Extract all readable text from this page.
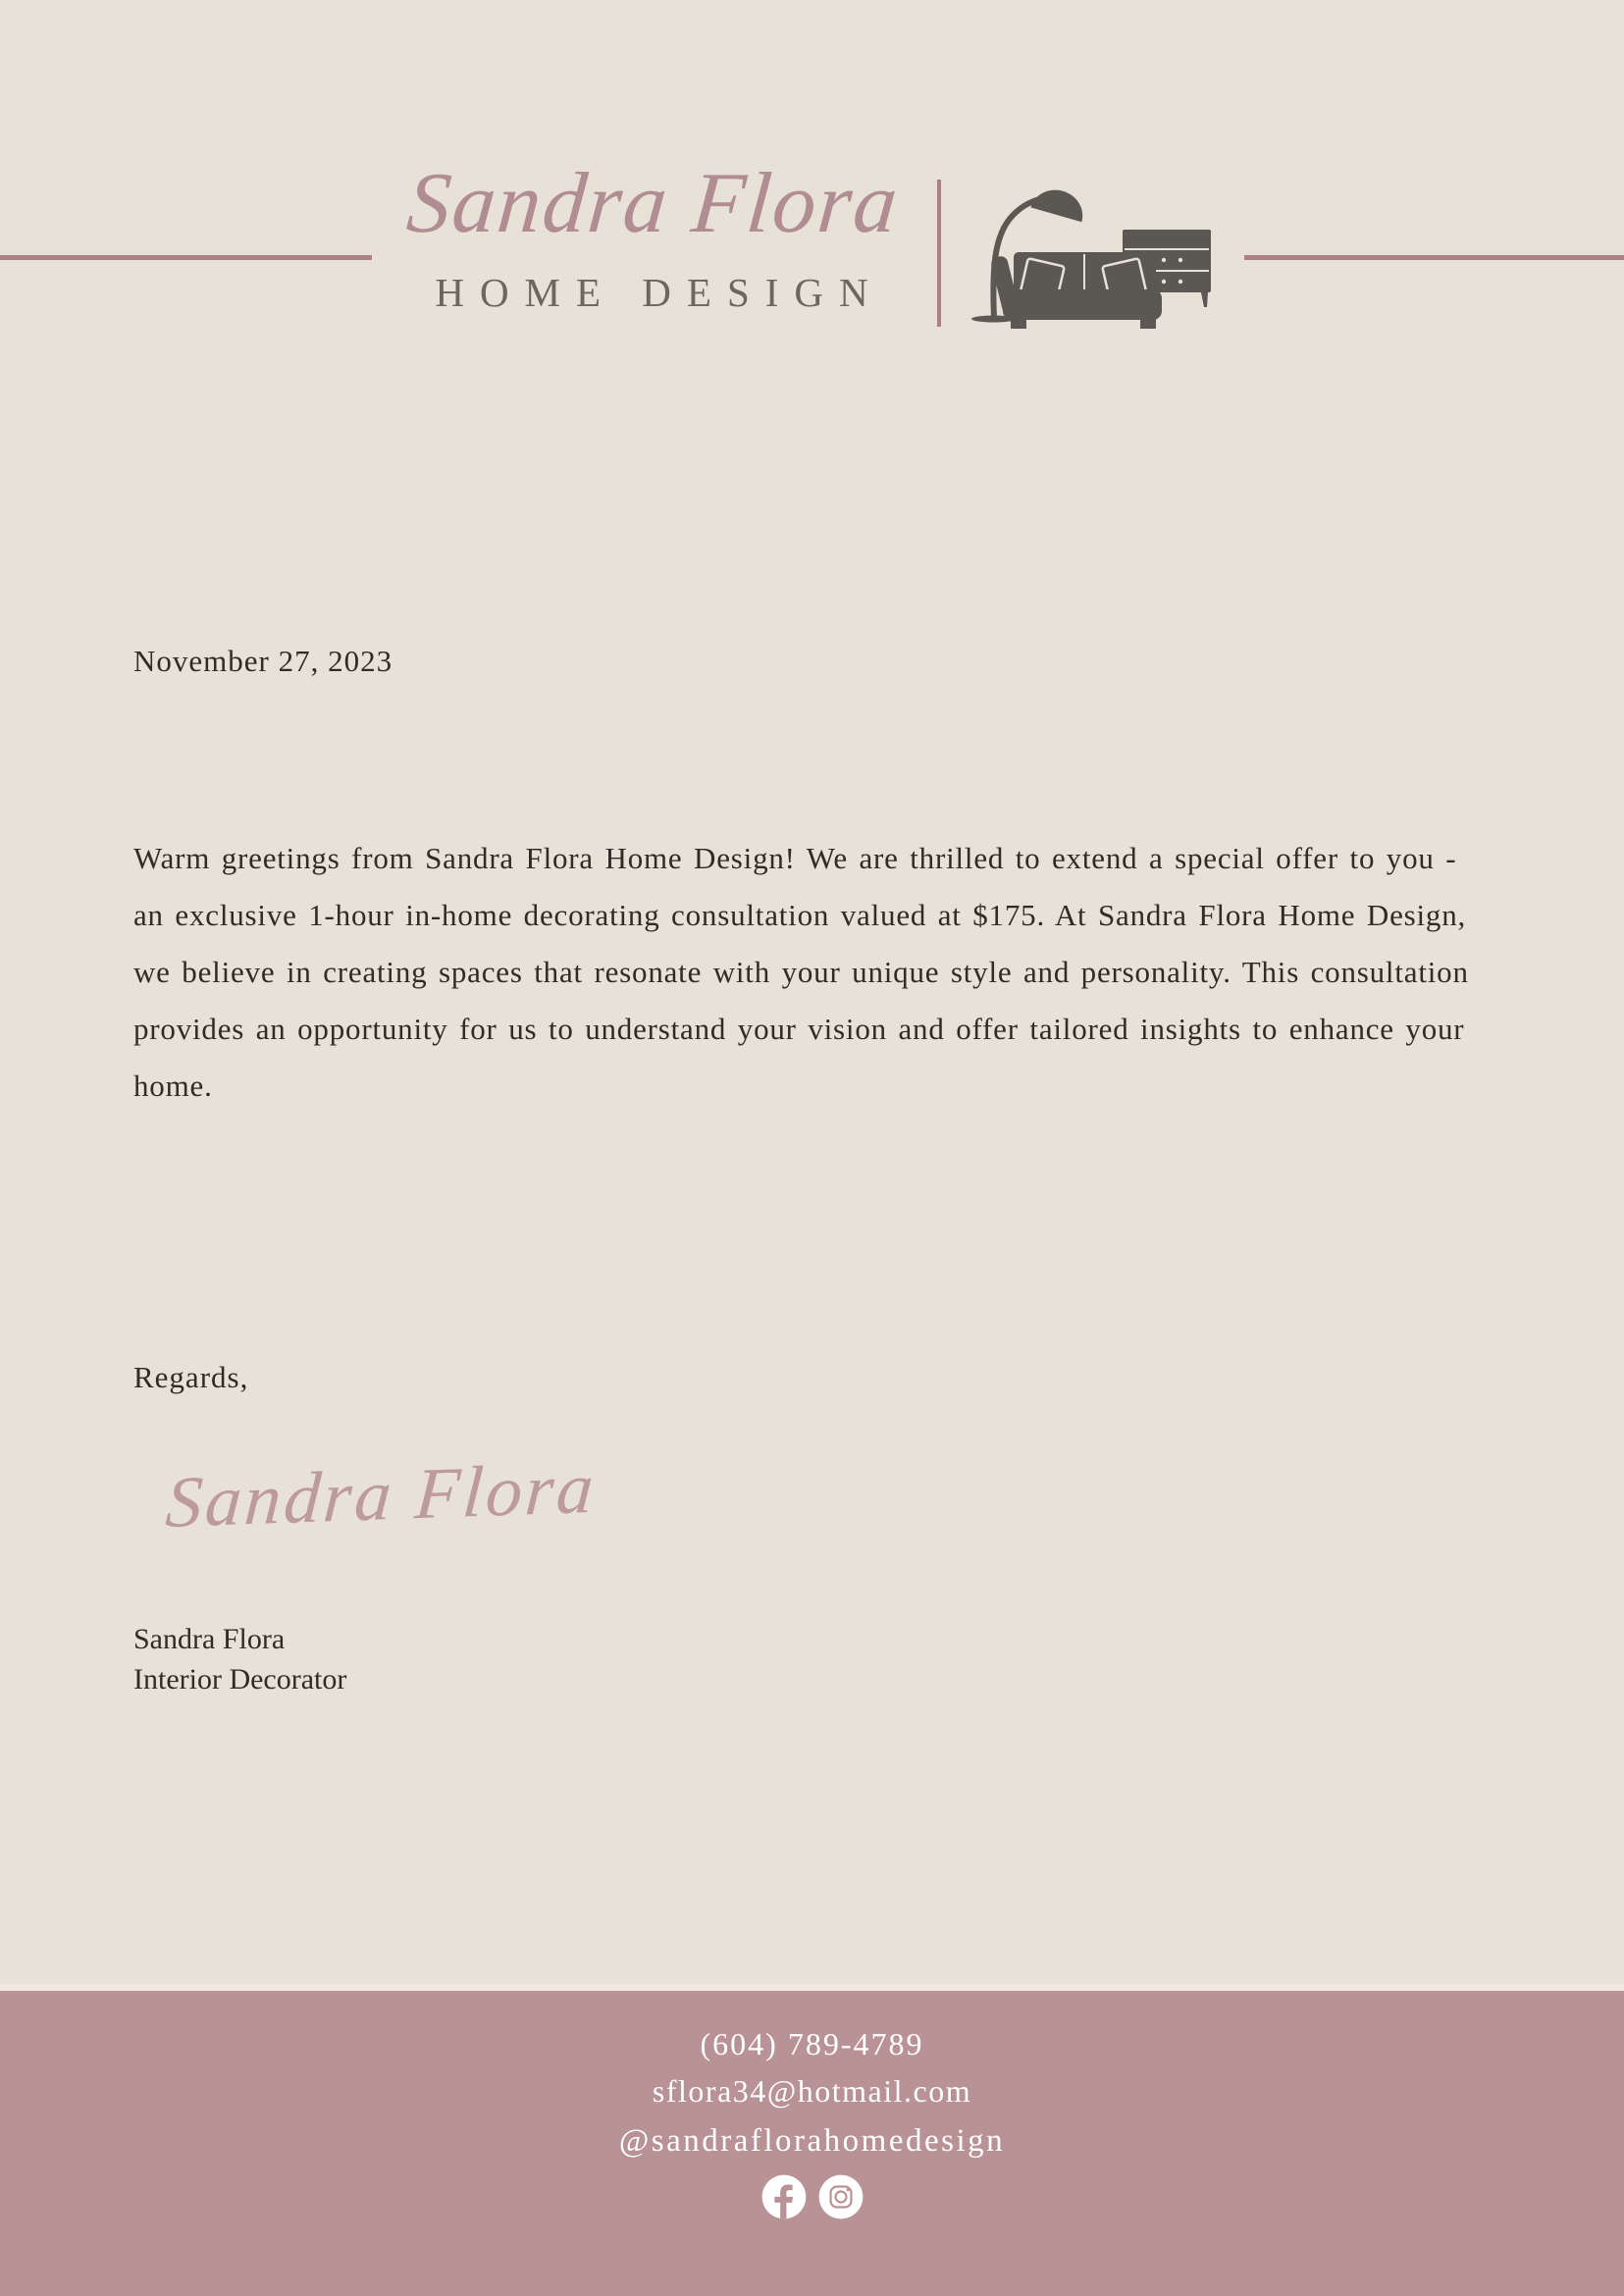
Sandra Flora
HOME DESIGN
November 27, 2023
Warm greetings from Sandra Flora Home Design! We are thrilled to extend a special offer to you - an exclusive 1-hour in-home decorating consultation valued at $175. At Sandra Flora Home Design, we believe in creating spaces that resonate with your unique style and personality. This consultation provides an opportunity for us to understand your vision and offer tailored insights to enhance your home.
Regards,
Sandra Flora
Sandra Flora
Interior Decorator
(604) 789-4789
sflora34@hotmail.com
@sandraflorahomedesign
